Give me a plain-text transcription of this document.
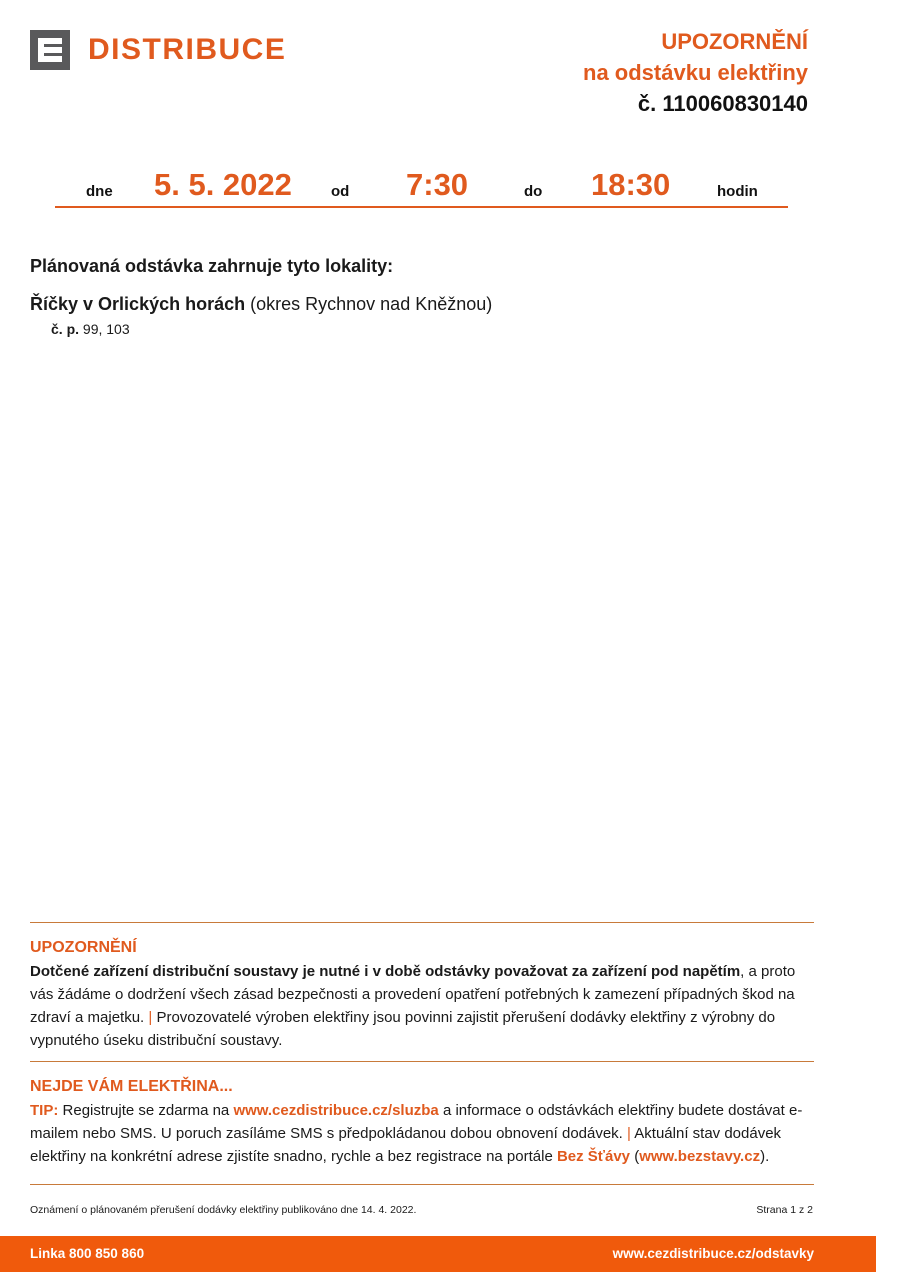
DISTRIBUCE	UPOZORNĚNÍ
na odstávku elektřiny
č. 110060830140
dne 5. 5. 2022	od 7:30	do 18:30	hodin
Plánovaná odstávka zahrnuje tyto lokality:
Říčky v Orlických horách (okres Rychnov nad Kněžnou)
č. p. 99, 103
UPOZORNĚNÍ
Dotčené zařízení distribuční soustavy je nutné i v době odstávky považovat za zařízení pod napětím, a proto vás žádáme o dodržení všech zásad bezpečnosti a provedení opatření potřebných k zamezení případných škod na zdraví a majetku. | Provozovatelé výroben elektřiny jsou povinni zajistit přerušení dodávky elektřiny z výrobny do vypnutého úseku distribuční soustavy.
NEJDE VÁM ELEKTŘINA...
TIP: Registrujte se zdarma na www.cezdistribuce.cz/sluzba a informace o odstávkách elektřiny budete dostávat e-mailem nebo SMS. U poruch zasíláme SMS s předpokládanou dobou obnovení dodávek. | Aktuální stav dodávek elektřiny na konkrétní adrese zjistíte snadno, rychle a bez registrace na portále Bez Šťávy (www.bezstavy.cz).
Oznámení o plánovaném přerušení dodávky elektřiny publikováno dne 14. 4. 2022.	Strana 1 z 2
Linka 800 850 860	www.cezdistribuce.cz/odstavky
